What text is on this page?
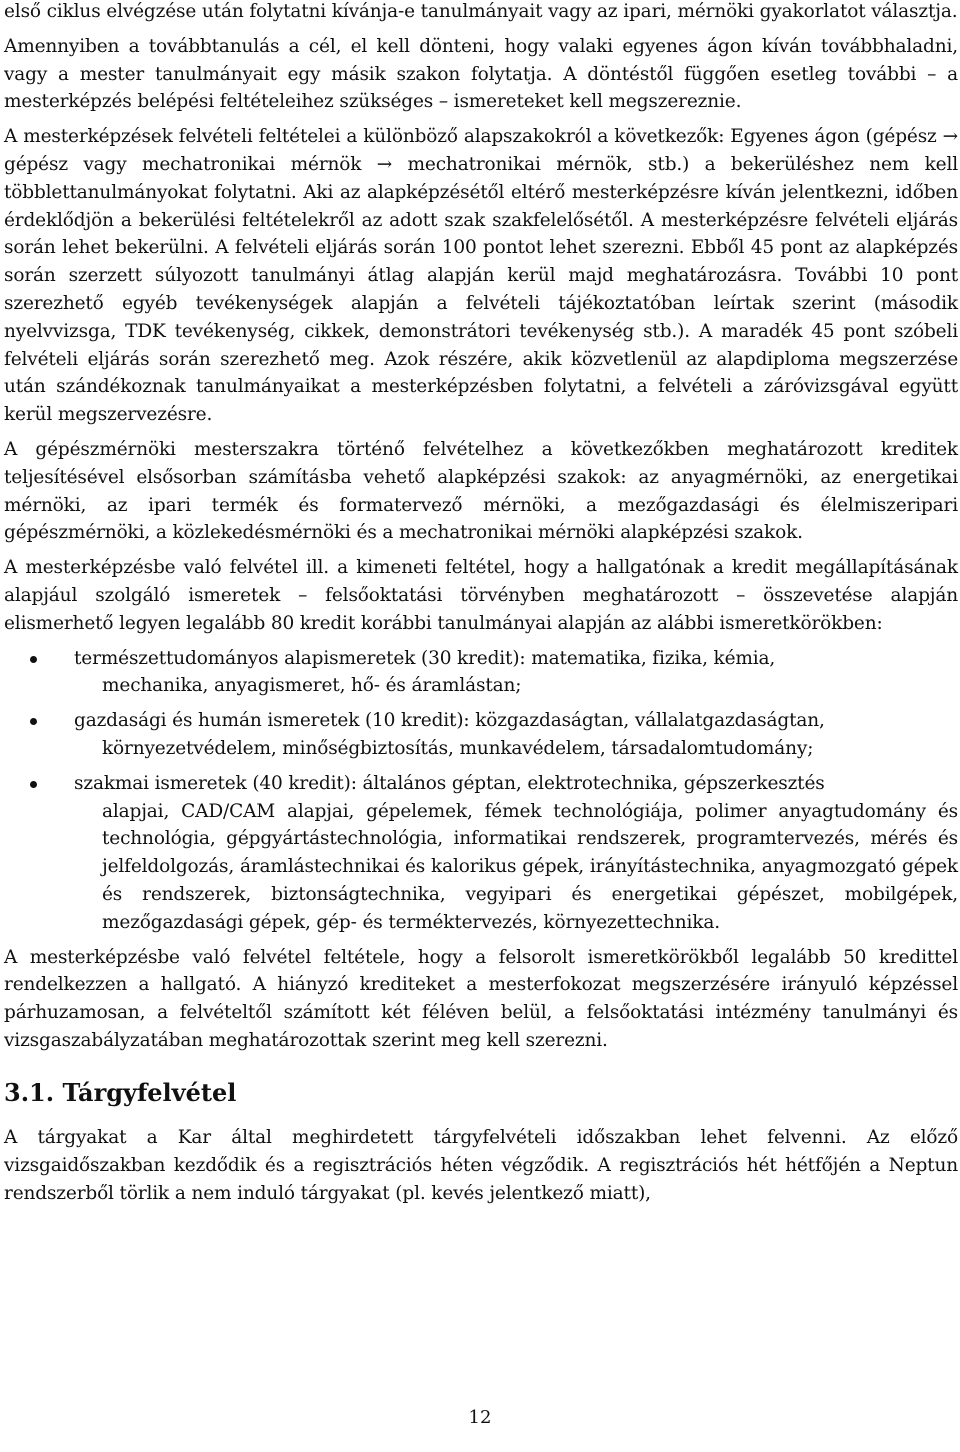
első ciklus elvégzése után folytatni kívánja-e tanulmányait vagy az ipari, mérnöki gyakorlatot választja.

Amennyiben a továbbtanulás a cél, el kell dönteni, hogy valaki egyenes ágon kíván továbbhaladni, vagy a mester tanulmányait egy másik szakon folytatja. A döntéstől függően esetleg további – a mesterképzés belépési feltételeihez szükséges – ismereteket kell megszereznie.

A mesterképzések felvételi feltételei a különböző alapszakokról a következők: Egyenes ágon (gépész → gépész vagy mechatronikai mérnök → mechatronikai mérnök, stb.) a bekerüléshez nem kell többlettanulmányokat folytatni. Aki az alapképzésétől eltérő mesterképzésre kíván jelentkezni, időben érdeklődjön a bekerülési feltételekről az adott szak szakfelelősétől. A mesterképzésre felvételi eljárás során lehet bekerülni. A felvételi eljárás során 100 pontot lehet szerezni. Ebből 45 pont az alapképzés során szerzett súlyozott tanulmányi átlag alapján kerül majd meghatározásra. További 10 pont szerezhető egyéb tevékenységek alapján a felvételi tájékoztatóban leírtak szerint (második nyelvvizsga, TDK tevékenység, cikkek, demonstrátori tevékenység stb.). A maradék 45 pont szóbeli felvételi eljárás során szerezhető meg. Azok részére, akik közvetlenül az alapdiploma megszerzése után szándékoznak tanulmányaikat a mesterképzésben folytatni, a felvételi a záróvizsgával együtt kerül megszervezésre.

A gépészmérnöki mesterszakra történő felvételhez a következőkben meghatározott kreditek teljesítésével elsősorban számításba vehető alapképzési szakok: az anyagmérnöki, az energetikai mérnöki, az ipari termék és formatervező mérnöki, a mezőgazdasági és élelmiszeripari gépészmérnöki, a közlekedésmérnöki és a mechatronikai mérnöki alapképzési szakok.

A mesterképzésbe való felvétel ill. a kimeneti feltétel, hogy a hallgatónak a kredit megállapításának alapjául szolgáló ismeretek – felsőoktatási törvényben meghatározott – összevetése alapján elismerhető legyen legalább 80 kredit korábbi tanulmányai alapján az alábbi ismeretkörökben:

természettudományos alapismeretek (30 kredit): matematika, fizika, kémia,

mechanika, anyagismeret, hő- és áramlástan;
gazdasági és humán ismeretek (10 kredit): közgazdaságtan, vállalatgazdaságtan,

környezetvédelem, minőségbiztosítás, munkavédelem, társadalomtudomány;
szakmai ismeretek (40 kredit): általános géptan, elektrotechnika, gépszerkesztés

alapjai, CAD/CAM alapjai, gépelemek, fémek technológiája, polimer anyagtudomány és technológia, gépgyártástechnológia, informatikai rendszerek, programtervezés, mérés és jelfeldolgozás, áramlástechnikai és kalorikus gépek, irányítástechnika, anyagmozgató gépek és rendszerek, biztonságtechnika, vegyipari és energetikai gépészet, mobilgépek, mezőgazdasági gépek, gép- és terméktervezés, környezettechnika.

A mesterképzésbe való felvétel feltétele, hogy a felsorolt ismeretkörökből legalább 50 kredittel rendelkezzen a hallgató. A hiányzó krediteket a mesterfokozat megszerzésére irányuló képzéssel párhuzamosan, a felvételtől számított két féléven belül, a felsőoktatási intézmény tanulmányi és vizsgaszabályzatában meghatározottak szerint meg kell szerezni.

3.1. Tárgyfelvétel

A tárgyakat a Kar által meghirdetett tárgyfelvételi időszakban lehet felvenni. Az előző vizsgaidőszakban kezdődik és a regisztrációs héten végződik. A regisztrációs hét hétfőjén a Neptun rendszerből törlik a nem induló tárgyakat (pl. kevés jelentkező miatt),

12
